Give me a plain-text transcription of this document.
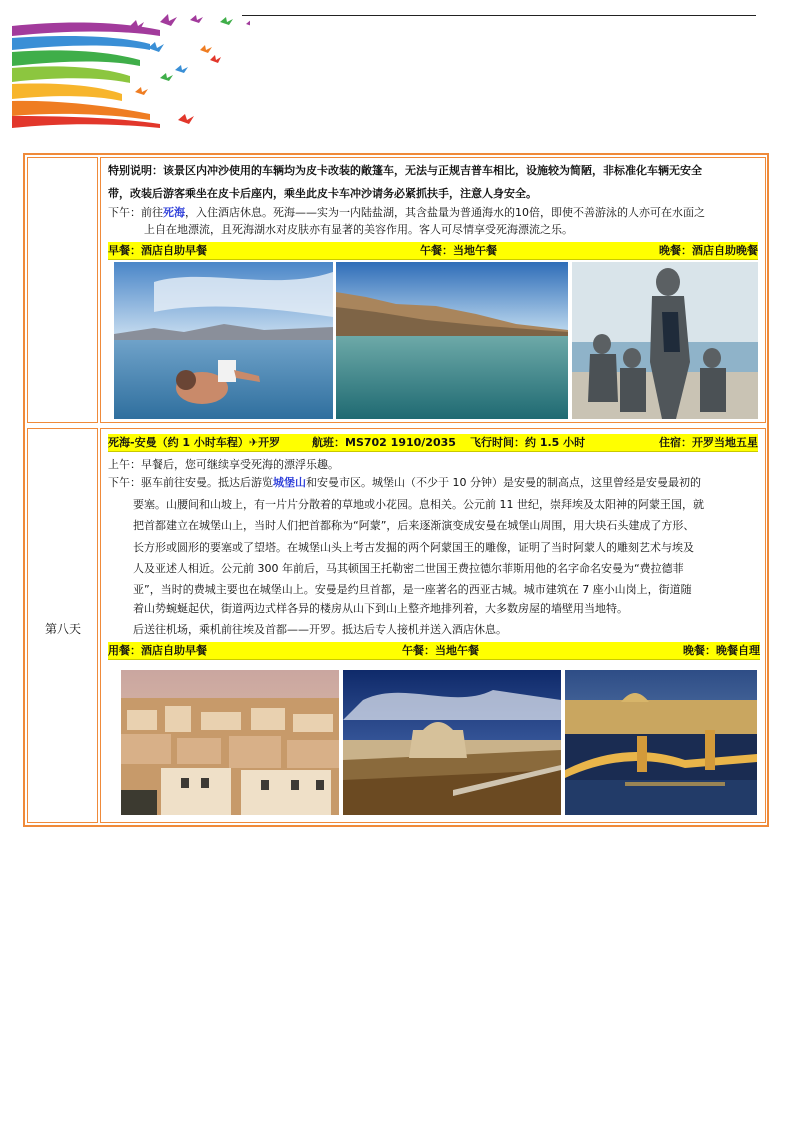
特别说明：该景区内冲沙使用的车辆均为皮卡改装的敞篷车，无法与正规吉普车相比，设施较为简陋，非标准化车辆无安全
带，改装后游客乘坐在皮卡后座内，乘坐此皮卡车冲沙请务必紧抓扶手，注意人身安全。
下午：前往死海，入住酒店休息。死海——实为一内陆盐湖，其含盐量为普通海水的10倍，即使不善游泳的人亦可在水面之
上自在地漂流，且死海湖水对皮肤亦有显著的美容作用。客人可尽情享受死海漂流之乐。
早餐：酒店自助早餐	午餐：当地午餐	晚餐：酒店自助晚餐
第八天
死海-安曼（约 1 小时车程）✈开罗	航班：MS702 1910/2035 飞行时间：约 1.5 小时	住宿：开罗当地五星
上午：早餐后，您可继续享受死海的漂浮乐趣。
下午：驱车前往安曼。抵达后游览城堡山和安曼市区。城堡山（不少于 10 分钟）是安曼的制高点，这里曾经是安曼最初的
要塞。山腰间和山坡上，有一片片分散着的草地或小花园。息相关。公元前 11 世纪，崇拜埃及太阳神的阿蒙王国，就
把首都建立在城堡山上，当时人们把首都称为“阿蒙”，后来逐渐演变成安曼在城堡山周围，用大块石头建成了方形、
长方形或圆形的要塞或了望塔。在城堡山头上考古发掘的两个阿蒙国王的雕像，证明了当时阿蒙人的雕刻艺术与埃及
人及亚述人相近。公元前 300 年前后，马其顿国王托勒密二世国王费拉德尔菲斯用他的名字命名安曼为“费拉德菲
亚”，当时的费城主要也在城堡山上。安曼是约旦首都，是一座著名的西亚古城。城市建筑在 7 座小山岗上，街道随
着山势蜿蜒起伏，街道两边式样各异的楼房从山下到山上整齐地排列着，大多数房屋的墙壁用当地特。
后送往机场，乘机前往埃及首都——开罗。抵达后专人接机并送入酒店休息。
用餐：酒店自助早餐	午餐：当地午餐	晚餐：晚餐自理
